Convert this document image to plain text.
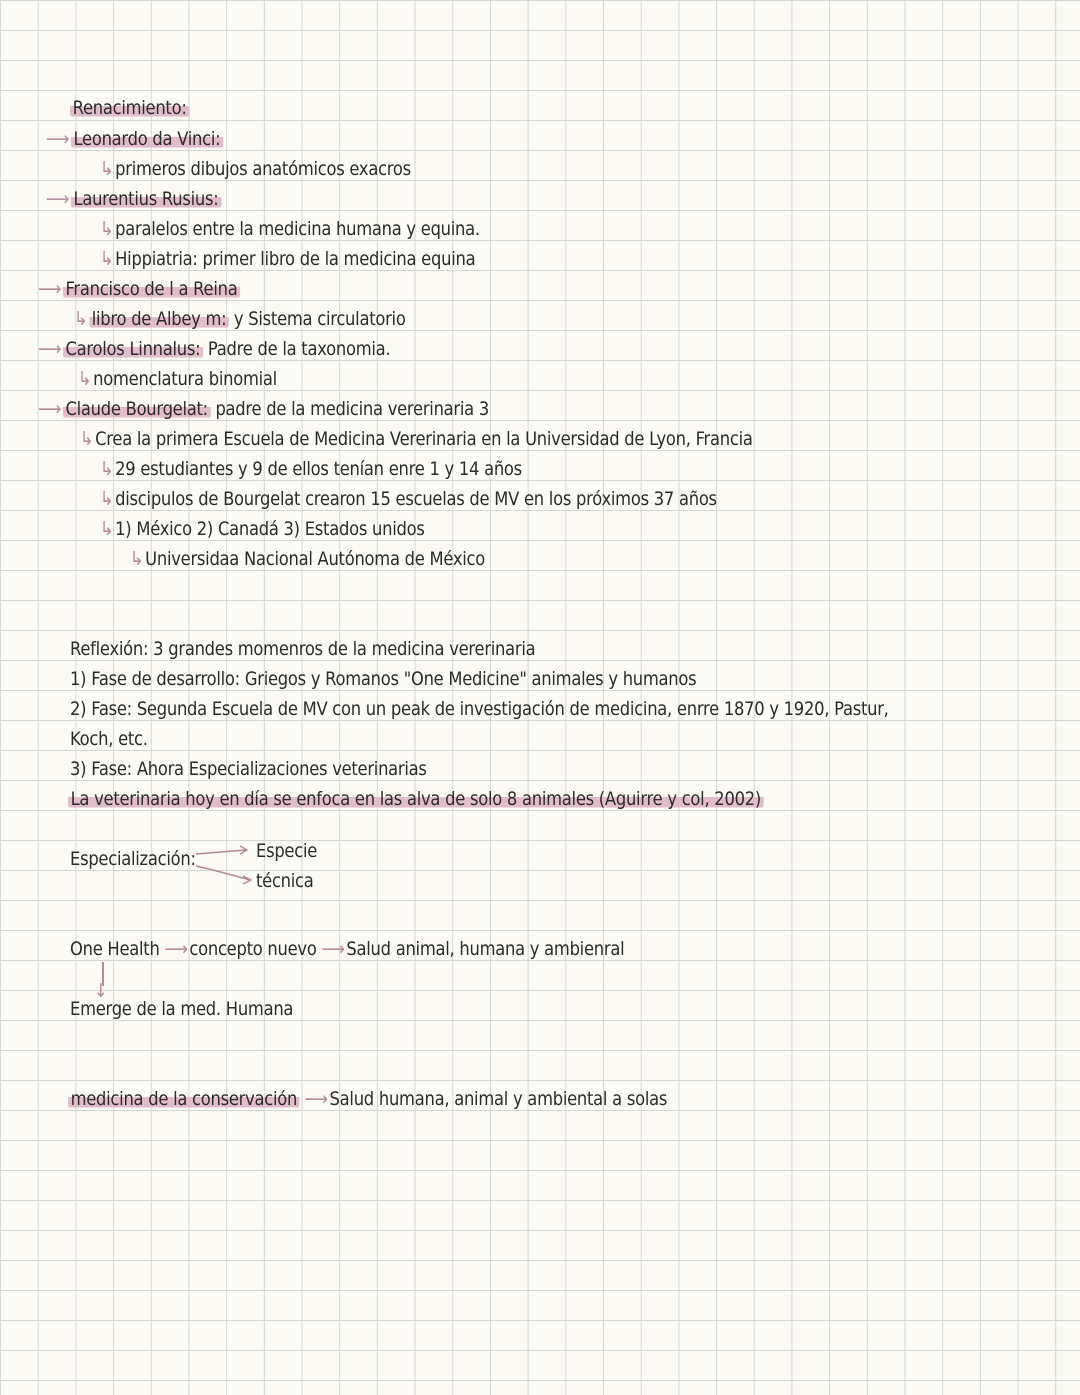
Renacimiento:
⟶ Leonardo da Vinci:
↳primeros dibujos anatómicos exacros
⟶ Laurentius Rusius:
↳paralelos entre la medicina humana y equina.
↳Hippiatria: primer libro de la medicina equina
⟶ Francisco de l a Reina
↳ libro de Albey m: y Sistema circulatorio
⟶ Carolos Linnalus: Padre de la taxonomia.
↳nomenclatura binomial
⟶ Claude Bourgelat: padre de la medicina vererinaria 3
↳Crea la primera Escuela de Medicina Vererinaria en la Universidad de Lyon, Francia
↳29 estudiantes y 9 de ellos tenían enre 1 y 14 años
↳discipulos de Bourgelat crearon 15 escuelas de MV en los próximos 37 años
↳1) México 2) Canadá 3) Estados unidos
↳Universidaa Nacional Autónoma de México
Reflexión: 3 grandes momenros de la medicina vererinaria
1) Fase de desarrollo: Griegos y Romanos "One Medicine" animales y humanos
2) Fase: Segunda Escuela de MV con un peak de investigación de medicina, enrre 1870 y 1920, Pastur,
Koch, etc.
3) Fase: Ahora Especializaciones veterinarias
La veterinaria hoy en día se enfoca en las alva de solo 8 animales (Aguirre y col, 2002)
Especialización:	Especie
técnica
One Health ⟶concepto nuevo ⟶Salud animal, humana y ambienral
↓
Emerge de la med. Humana
medicina de la conservación ⟶Salud humana, animal y ambiental a solas
